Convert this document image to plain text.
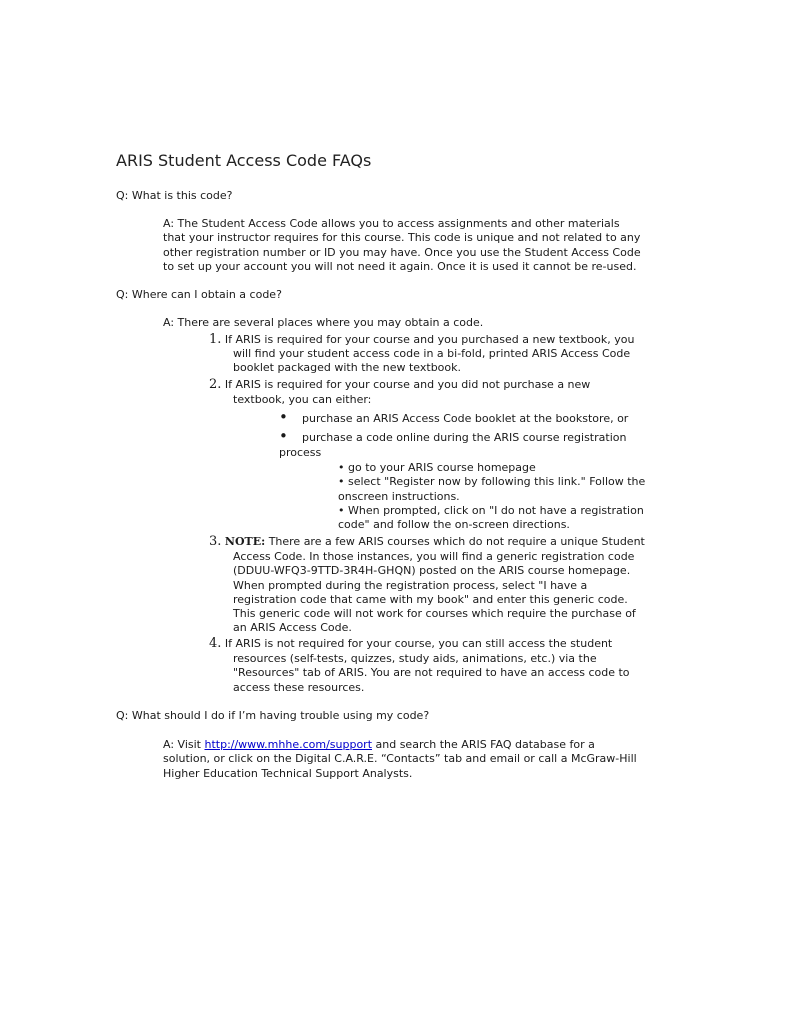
ARIS Student Access Code FAQs
Q: What is this code?
A: The Student Access Code allows you to access assignments and other materials
that your instructor requires for this course. This code is unique and not related to any
other registration number or ID you may have. Once you use the Student Access Code
to set up your account you will not need it again. Once it is used it cannot be re-used.
Q: Where can I obtain a code?
A: There are several places where you may obtain a code.
1. If ARIS is required for your course and you purchased a new textbook, you
will find your student access code in a bi-fold, printed ARIS Access Code
booklet packaged with the new textbook.
2. If ARIS is required for your course and you did not purchase a new
textbook, you can either:
• purchase an ARIS Access Code booklet at the bookstore, or
• purchase a code online during the ARIS course registration
process
• go to your ARIS course homepage
• select "Register now by following this link." Follow the
onscreen instructions.
• When prompted, click on "I do not have a registration
code" and follow the on-screen directions.
3. NOTE: There are a few ARIS courses which do not require a unique Student
Access Code. In those instances, you will find a generic registration code
(DDUU-WFQ3-9TTD-3R4H-GHQN) posted on the ARIS course homepage.
When prompted during the registration process, select "I have a
registration code that came with my book" and enter this generic code.
This generic code will not work for courses which require the purchase of
an ARIS Access Code.
4. If ARIS is not required for your course, you can still access the student
resources (self-tests, quizzes, study aids, animations, etc.) via the
"Resources" tab of ARIS. You are not required to have an access code to
access these resources.
Q: What should I do if I’m having trouble using my code?
A: Visit http://www.mhhe.com/support and search the ARIS FAQ database for a
solution, or click on the Digital C.A.R.E. “Contacts” tab and email or call a McGraw-Hill
Higher Education Technical Support Analysts.
